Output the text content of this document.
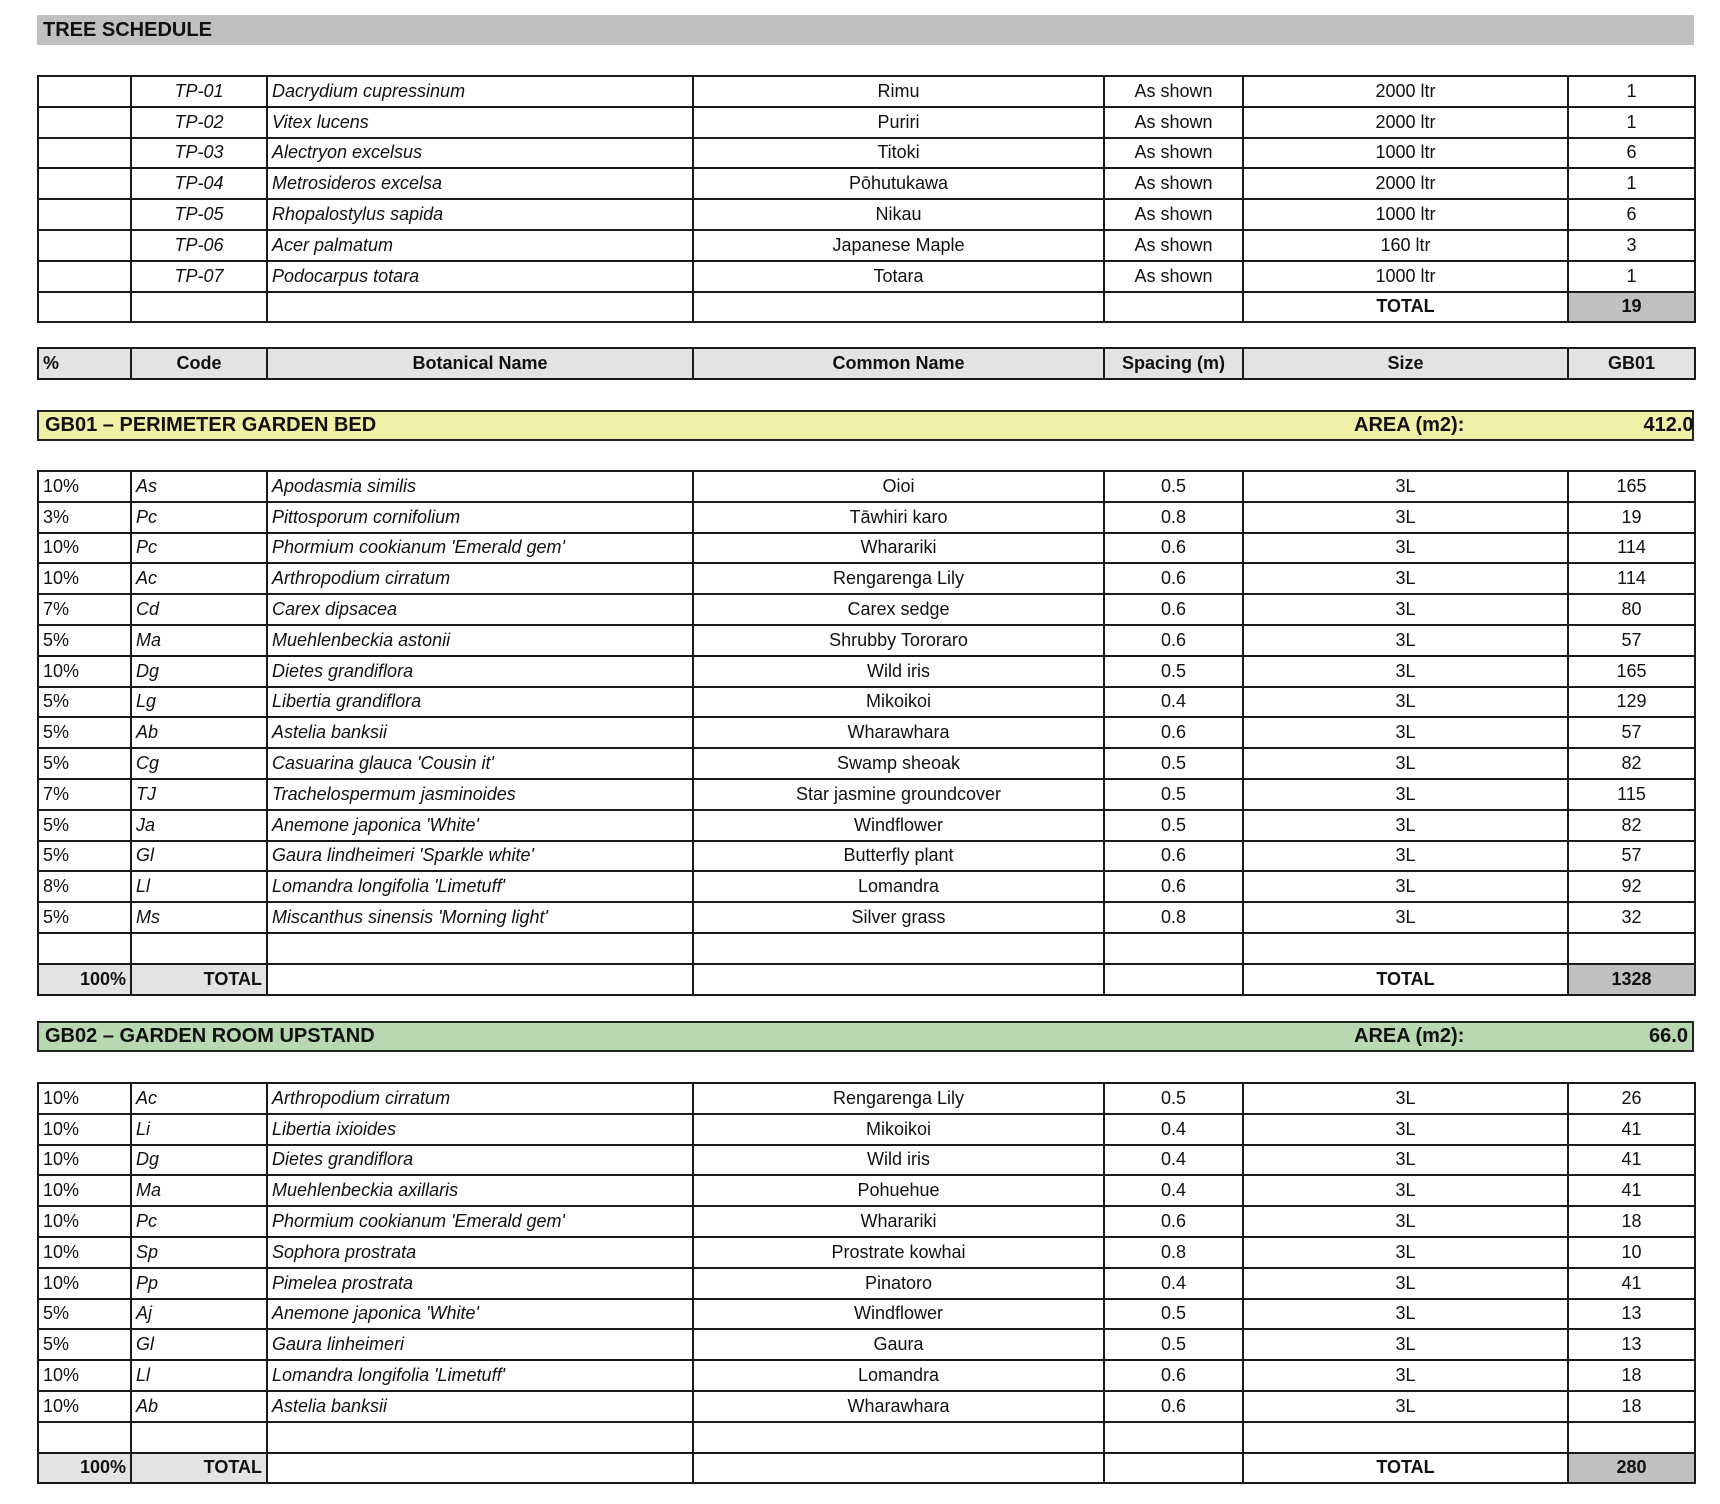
TREE SCHEDULE
	TP-01	Dacrydium cupressinum	Rimu	As shown	2000 ltr	1
	TP-02	Vitex lucens	Puriri	As shown	2000 ltr	1
	TP-03	Alectryon excelsus	Titoki	As shown	1000 ltr	6
	TP-04	Metrosideros excelsa	Pōhutukawa	As shown	2000 ltr	1
	TP-05	Rhopalostylus sapida	Nikau	As shown	1000 ltr	6
	TP-06	Acer palmatum	Japanese Maple	As shown	160 ltr	3
	TP-07	Podocarpus totara	Totara	As shown	1000 ltr	1
					TOTAL	19
%	Code	Botanical Name	Common Name	Spacing (m)	Size	GB01
GB01 – PERIMETER GARDEN BED	AREA (m2):	412.0
10%	As	Apodasmia similis	Oioi	0.5	3L	165
3%	Pc	Pittosporum cornifolium	Tāwhiri karo	0.8	3L	19
10%	Pc	Phormium cookianum 'Emerald gem'	Wharariki	0.6	3L	114
10%	Ac	Arthropodium cirratum	Rengarenga Lily	0.6	3L	114
7%	Cd	Carex dipsacea	Carex sedge	0.6	3L	80
5%	Ma	Muehlenbeckia astonii	Shrubby Tororaro	0.6	3L	57
10%	Dg	Dietes grandiflora	Wild iris	0.5	3L	165
5%	Lg	Libertia grandiflora	Mikoikoi	0.4	3L	129
5%	Ab	Astelia banksii	Wharawhara	0.6	3L	57
5%	Cg	Casuarina glauca 'Cousin it'	Swamp sheoak	0.5	3L	82
7%	TJ	Trachelospermum jasminoides	Star jasmine groundcover	0.5	3L	115
5%	Ja	Anemone japonica 'White'	Windflower	0.5	3L	82
5%	Gl	Gaura lindheimeri 'Sparkle white'	Butterfly plant	0.6	3L	57
8%	Ll	Lomandra longifolia 'Limetuff'	Lomandra	0.6	3L	92
5%	Ms	Miscanthus sinensis 'Morning light'	Silver grass	0.8	3L	32

100%	TOTAL				TOTAL	1328
GB02 – GARDEN ROOM UPSTAND	AREA (m2):	66.0
10%	Ac	Arthropodium cirratum	Rengarenga Lily	0.5	3L	26
10%	Li	Libertia ixioides	Mikoikoi	0.4	3L	41
10%	Dg	Dietes grandiflora	Wild iris	0.4	3L	41
10%	Ma	Muehlenbeckia axillaris	Pohuehue	0.4	3L	41
10%	Pc	Phormium cookianum 'Emerald gem'	Wharariki	0.6	3L	18
10%	Sp	Sophora prostrata	Prostrate kowhai	0.8	3L	10
10%	Pp	Pimelea prostrata	Pinatoro	0.4	3L	41
5%	Aj	Anemone japonica 'White'	Windflower	0.5	3L	13
5%	Gl	Gaura linheimeri	Gaura	0.5	3L	13
10%	Ll	Lomandra longifolia 'Limetuff'	Lomandra	0.6	3L	18
10%	Ab	Astelia banksii	Wharawhara	0.6	3L	18

100%	TOTAL				TOTAL	280
